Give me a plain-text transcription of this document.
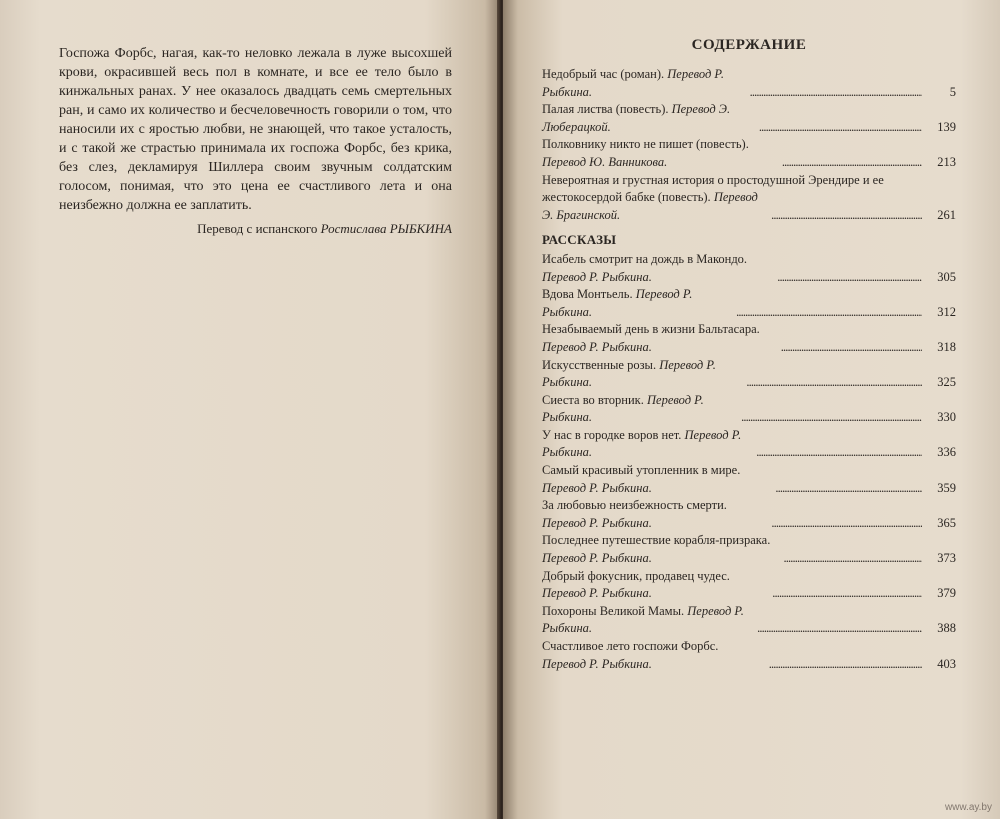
Госпожа Форбс, нагая, как-то неловко лежала в луже высохшей крови, окрасившей весь пол в комнате, и все ее тело было в кинжальных ранах. У нее оказалось двадцать семь смертельных ран, и само их количество и бесчеловечность говорили о том, что наносили их с яростью любви, не знающей, что такое усталость, и с такой же страстью принимала их госпожа Форбс, без крика, без слез, декламируя Шиллера своим звучным солдатским голосом, понимая, что это цена ее счастливого лета и она неизбежно должна ее заплатить.

Перевод с испанского Ростислава РЫБКИНА
СОДЕРЖАНИЕ
Недобрый час (роман). Перевод Р. Рыбкина. . . .	5
Палая листва (повесть). Перевод Э. Люберацкой. . . .	139
Полковнику никто не пишет (повесть). Перевод Ю. Ванникова. . . .	213
Невероятная и грустная история о простодушной Эрендире и ее
жестокосердой бабке (повесть). Перевод Э. Брагинской. . . .	261
РАССКАЗЫ
Исабель смотрит на дождь в Макондо. Перевод Р. Рыбкина. . . .	305
Вдова Монтьель. Перевод Р. Рыбкина. . . .	312
Незабываемый день в жизни Бальтасара. Перевод Р. Рыбкина. . . .	318
Искусственные розы. Перевод Р. Рыбкина. . . .	325
Сиеста во вторник. Перевод Р. Рыбкина. . . .	330
У нас в городке воров нет. Перевод Р. Рыбкина. . . .	336
Самый красивый утопленник в мире. Перевод Р. Рыбкина. . . .	359
За любовью неизбежность смерти. Перевод Р. Рыбкина. . . .	365
Последнее путешествие корабля-призрака. Перевод Р. Рыбкина. . . .	373
Добрый фокусник, продавец чудес. Перевод Р. Рыбкина. . . .	379
Похороны Великой Мамы. Перевод Р. Рыбкина. . . .	388
Счастливое лето госпожи Форбс. Перевод Р. Рыбкина. . . .	403
www.ay.by
